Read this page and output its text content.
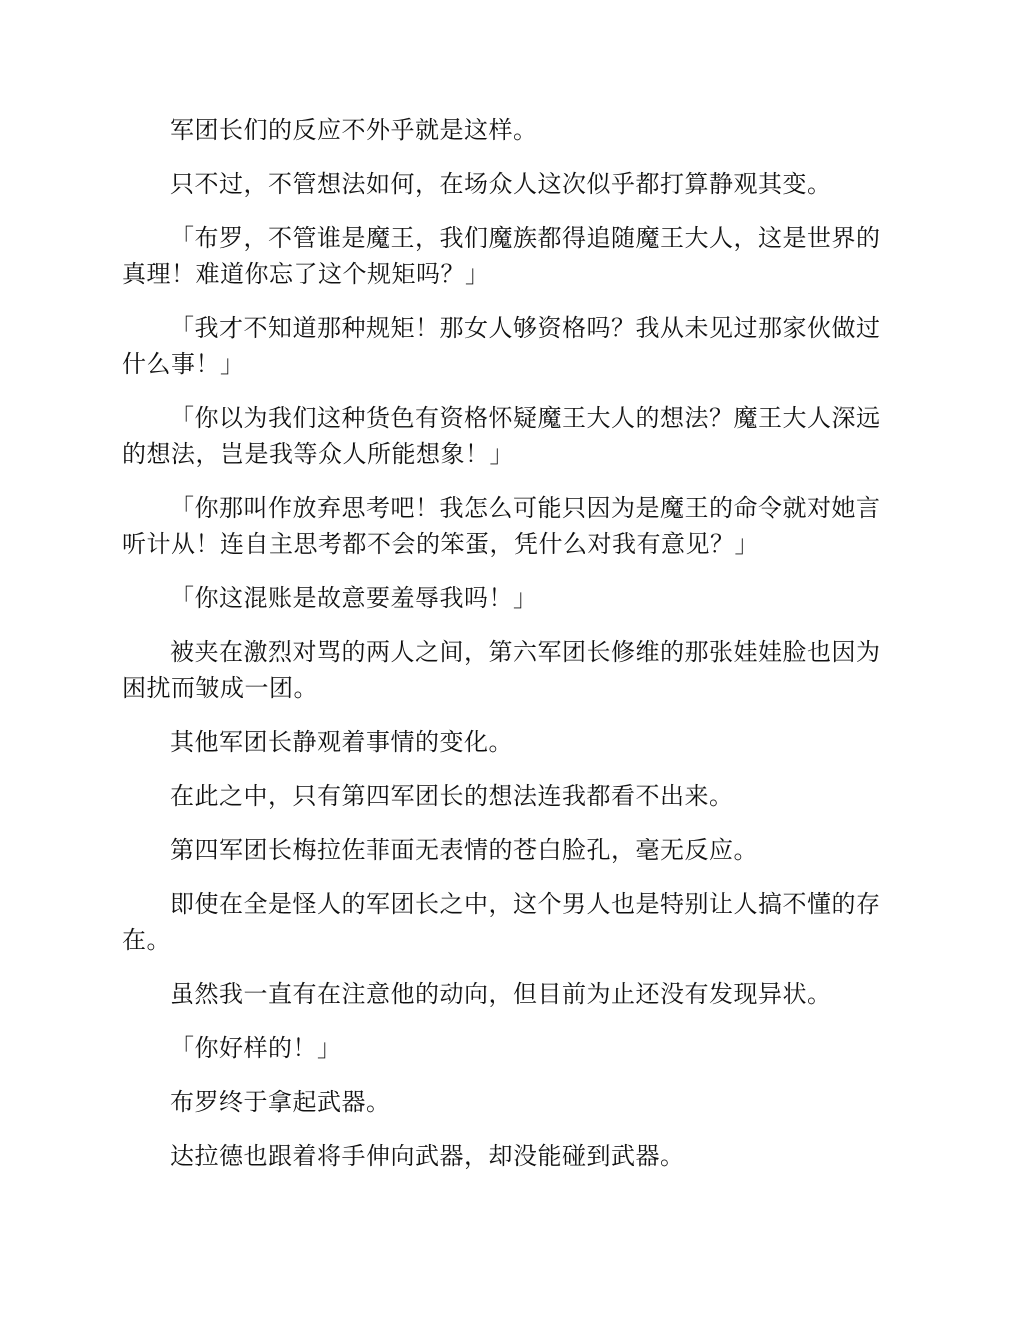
军团长们的反应不外乎就是这样。

只不过，不管想法如何，在场众人这次似乎都打算静观其变。

「布罗，不管谁是魔王，我们魔族都得追随魔王大人，这是世界的真理！难道你忘了这个规矩吗？」

「我才不知道那种规矩！那女人够资格吗？我从未见过那家伙做过什么事！」

「你以为我们这种货色有资格怀疑魔王大人的想法？魔王大人深远的想法，岂是我等众人所能想象！」

「你那叫作放弃思考吧！我怎么可能只因为是魔王的命令就对她言听计从！连自主思考都不会的笨蛋，凭什么对我有意见？」

「你这混账是故意要羞辱我吗！」

被夹在激烈对骂的两人之间，第六军团长修维的那张娃娃脸也因为困扰而皱成一团。

其他军团长静观着事情的变化。

在此之中，只有第四军团长的想法连我都看不出来。

第四军团长梅拉佐菲面无表情的苍白脸孔，毫无反应。

即使在全是怪人的军团长之中，这个男人也是特别让人搞不懂的存在。

虽然我一直有在注意他的动向，但目前为止还没有发现异状。

「你好样的！」

布罗终于拿起武器。

达拉德也跟着将手伸向武器，却没能碰到武器。
